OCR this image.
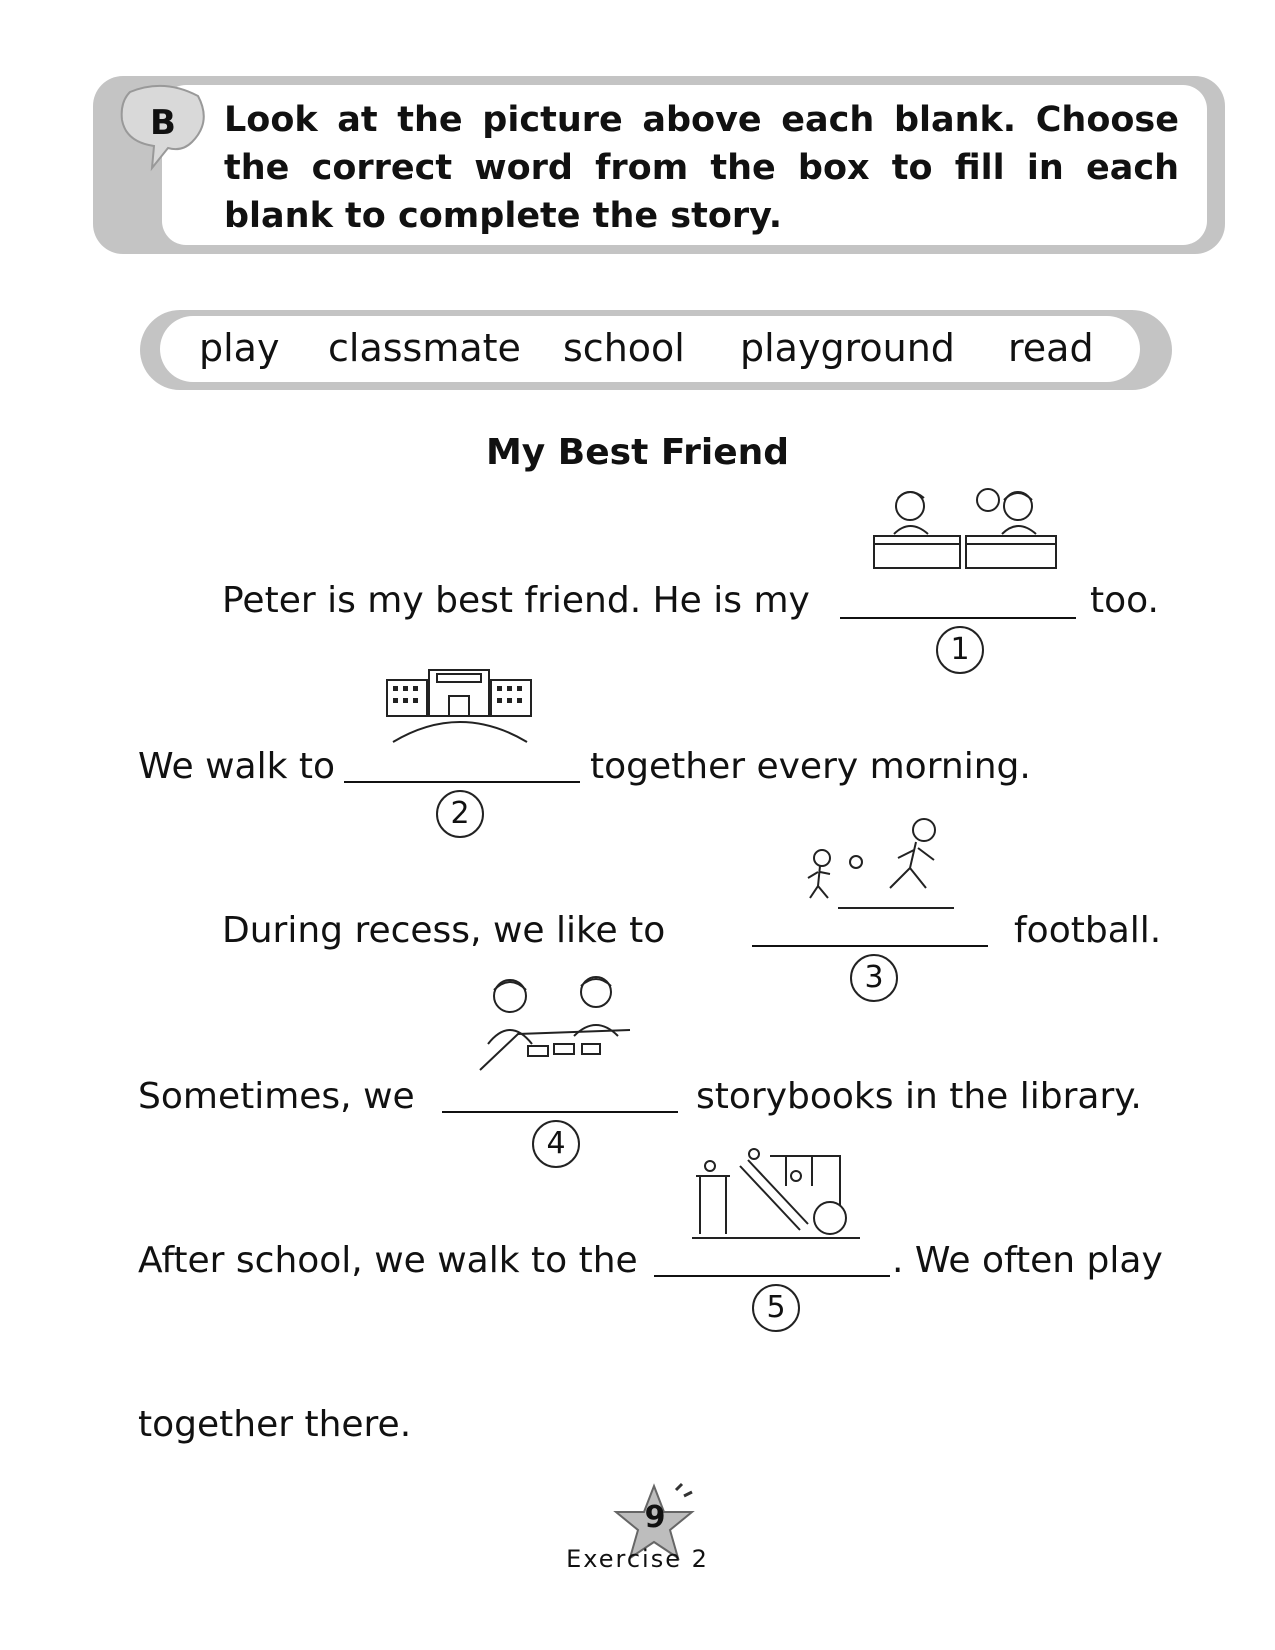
B Look at the picture above each blank. Choose the correct word from the box to fill in each blank to complete the story.
play classmate school playground read
My Best Friend
Peter is my best friend. He is my	too.
1
We walk to	together every morning.
2
During recess, we like to	football.
3
Sometimes, we	storybooks in the library.
4
After school, we walk to the	. We often play
5
together there.
9
Exercise 2
